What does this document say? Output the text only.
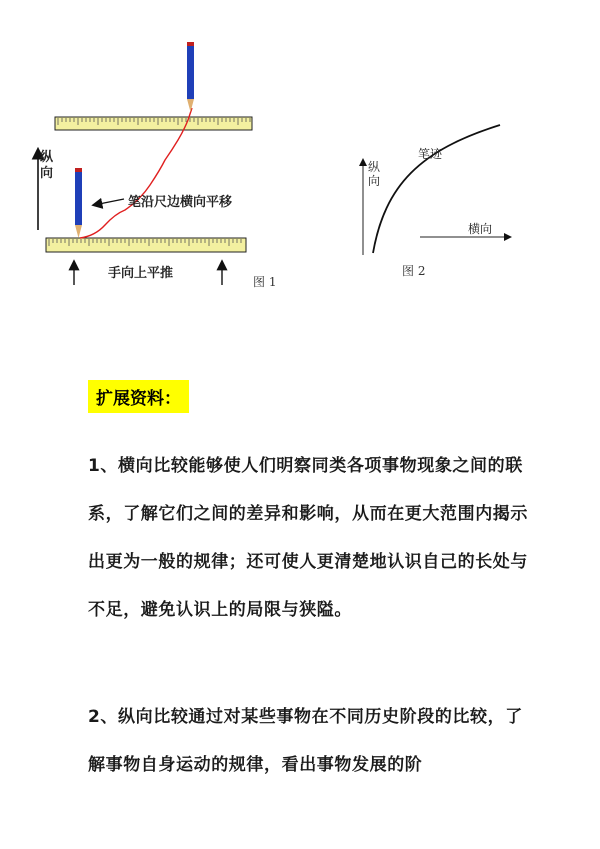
纵向
笔沿尺边横向平移
手向上平推
图 1
纵向
横向
笔迹
图 2
扩展资料：

1、横向比较能够使人们明察同类各项事物现象之间的联系，了解它们之间的差异和影响，从而在更大范围内揭示出更为一般的规律；还可使人更清楚地认识自己的长处与不足，避免认识上的局限与狭隘。

2、纵向比较通过对某些事物在不同历史阶段的比较，了解事物自身运动的规律，看出事物发展的阶
